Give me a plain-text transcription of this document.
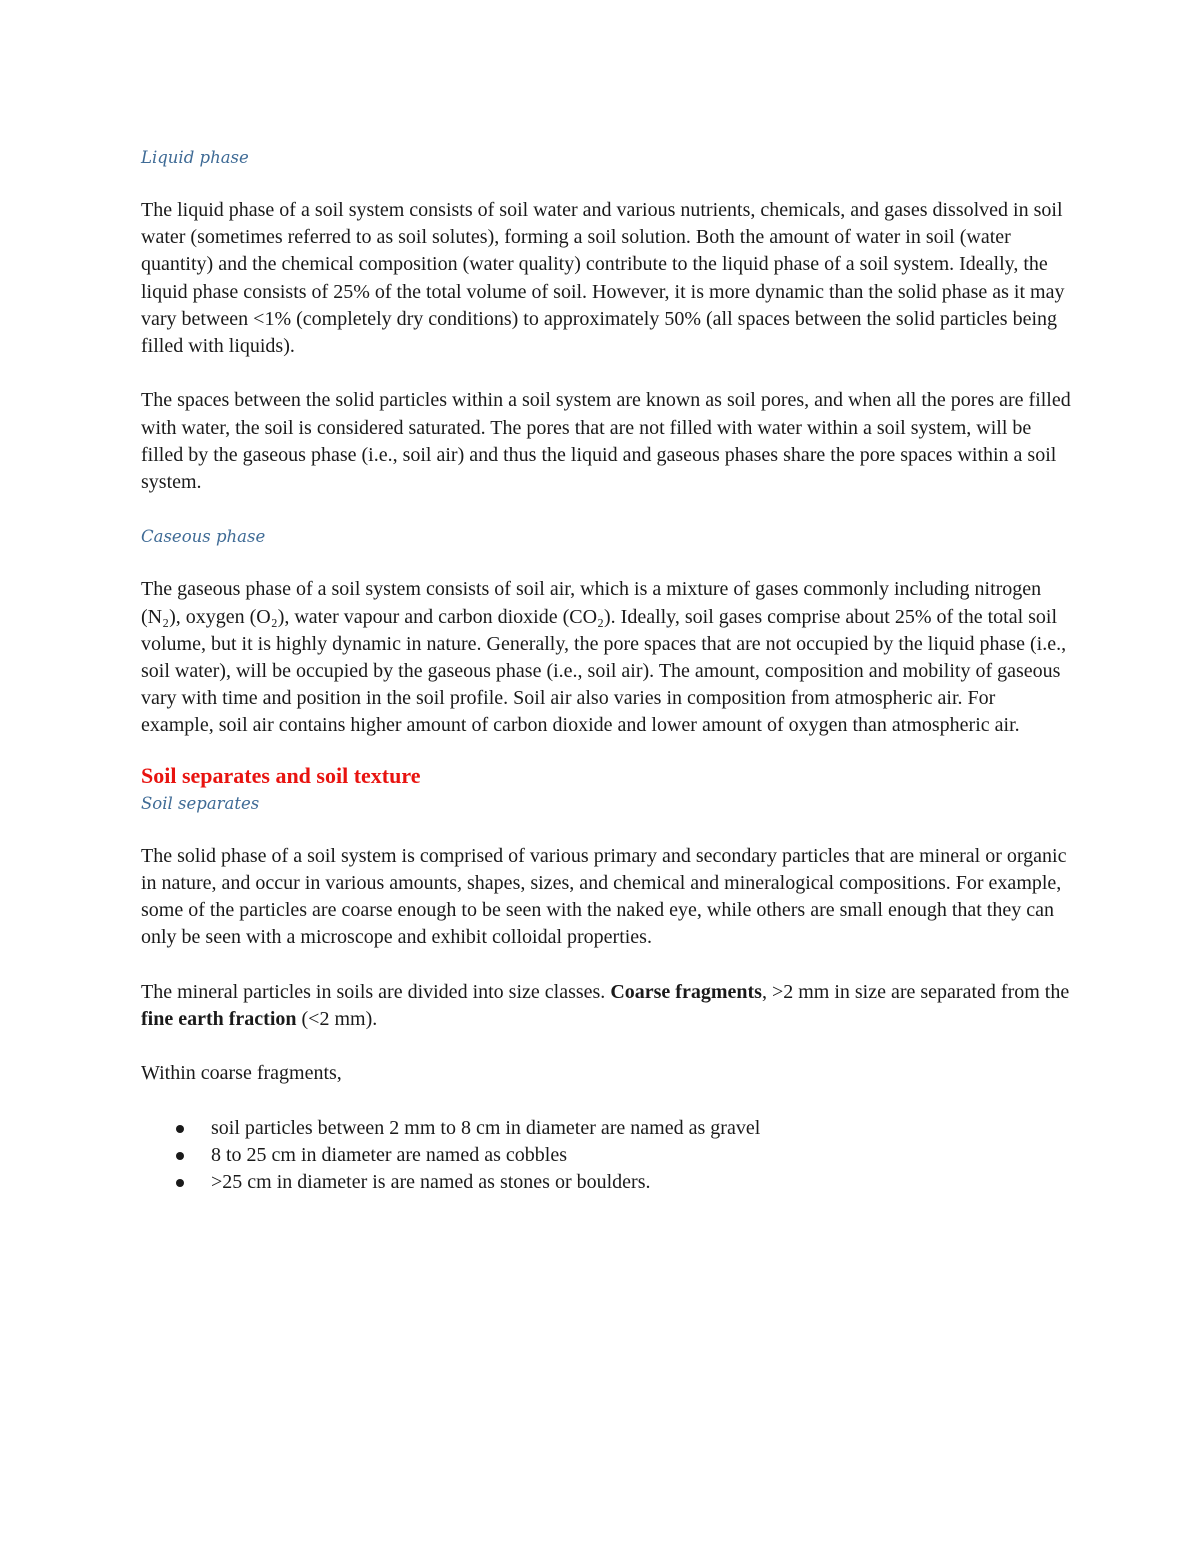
Liquid phase

The liquid phase of a soil system consists of soil water and various nutrients, chemicals, and gases dissolved in soil water (sometimes referred to as soil solutes), forming a soil solution. Both the amount of water in soil (water quantity) and the chemical composition (water quality) contribute to the liquid phase of a soil system. Ideally, the liquid phase consists of 25% of the total volume of soil. However, it is more dynamic than the solid phase as it may vary between <1% (completely dry conditions) to approximately 50% (all spaces between the solid particles being filled with liquids).

The spaces between the solid particles within a soil system are known as soil pores, and when all the pores are filled with water, the soil is considered saturated. The pores that are not filled with water within a soil system, will be filled by the gaseous phase (i.e., soil air) and thus the liquid and gaseous phases share the pore spaces within a soil system.

Caseous phase

The gaseous phase of a soil system consists of soil air, which is a mixture of gases commonly including nitrogen (N₂), oxygen (O₂), water vapour and carbon dioxide (CO₂). Ideally, soil gases comprise about 25% of the total soil volume, but it is highly dynamic in nature. Generally, the pore spaces that are not occupied by the liquid phase (i.e., soil water), will be occupied by the gaseous phase (i.e., soil air). The amount, composition and mobility of gaseous vary with time and position in the soil profile. Soil air also varies in composition from atmospheric air. For example, soil air contains higher amount of carbon dioxide and lower amount of oxygen than atmospheric air.

Soil separates and soil texture
Soil separates

The solid phase of a soil system is comprised of various primary and secondary particles that are mineral or organic in nature, and occur in various amounts, shapes, sizes, and chemical and mineralogical compositions. For example, some of the particles are coarse enough to be seen with the naked eye, while others are small enough that they can only be seen with a microscope and exhibit colloidal properties.

The mineral particles in soils are divided into size classes. Coarse fragments, >2 mm in size are separated from the fine earth fraction (<2 mm).

Within coarse fragments,

soil particles between 2 mm to 8 cm in diameter are named as gravel
8 to 25 cm in diameter are named as cobbles
>25 cm in diameter is are named as stones or boulders.
